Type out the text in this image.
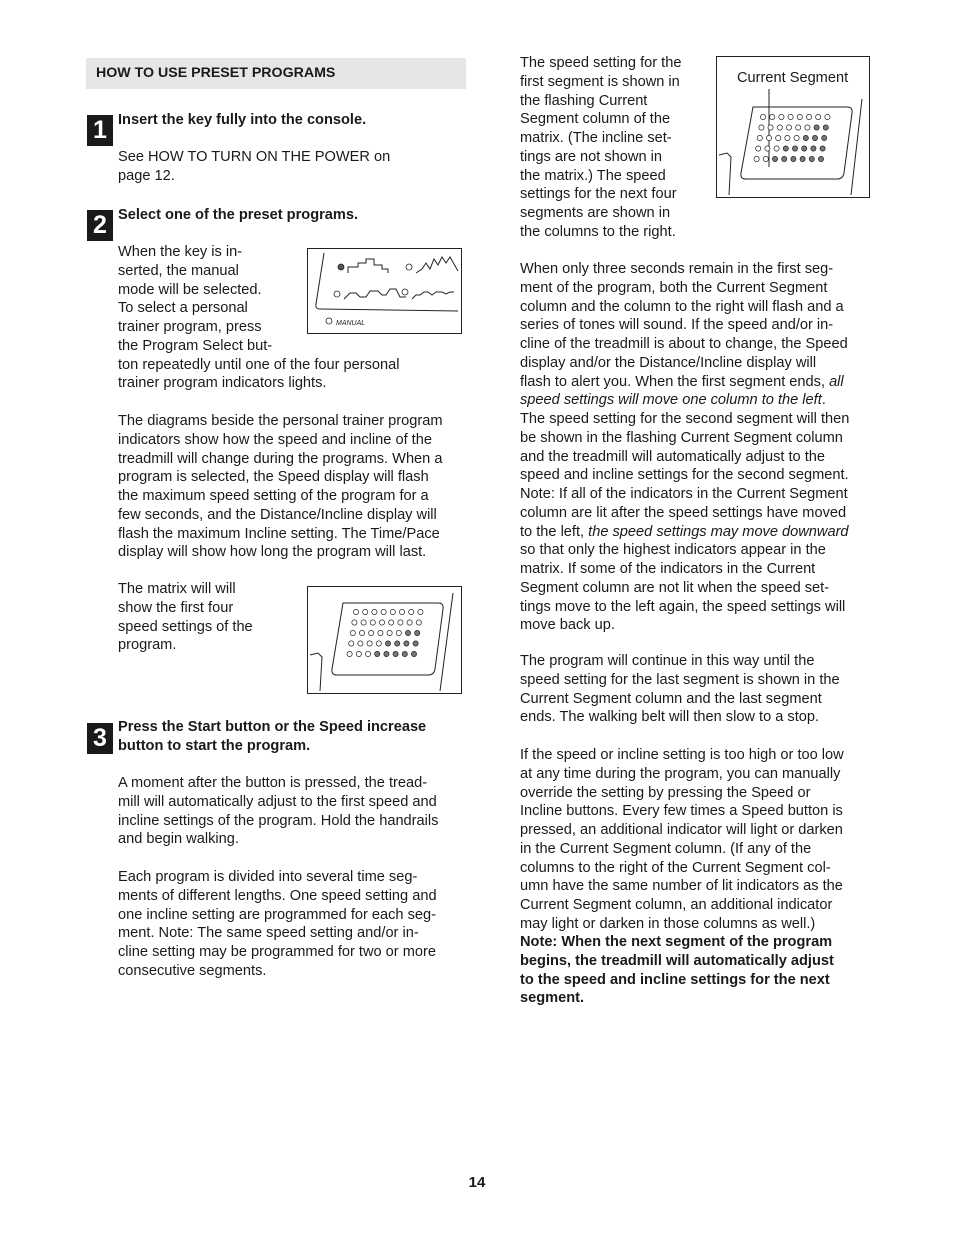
HOW TO USE PRESET PROGRAMS
1 Insert the key fully into the console.
See HOW TO TURN ON THE POWER on
page 12.
2 Select one of the preset programs.
When the key is in-
serted, the manual
mode will be selected.
To select a personal
trainer program, press
the Program Select but-
ton repeatedly until one of the four personal
trainer program indicators lights.
MANUAL
The diagrams beside the personal trainer program
indicators show how the speed and incline of the
treadmill will change during the programs. When a
program is selected, the Speed display will flash
the maximum speed setting of the program for a
few seconds, and the Distance/Incline display will
flash the maximum Incline setting. The Time/Pace
display will show how long the program will last.
The matrix will will
show the first four
speed settings of the
program.
3 Press the Start button or the Speed increase
button to start the program.
A moment after the button is pressed, the tread-
mill will automatically adjust to the first speed and
incline settings of the program. Hold the handrails
and begin walking.
Each program is divided into several time seg-
ments of different lengths. One speed setting and
one incline setting are programmed for each seg-
ment. Note: The same speed setting and/or in-
cline setting may be programmed for two or more
consecutive segments.
The speed setting for the
first segment is shown in
the flashing Current
Segment column of the
matrix. (The incline set-
tings are not shown in
the matrix.) The speed
settings for the next four
segments are shown in
the columns to the right.
Current Segment
When only three seconds remain in the first seg-
ment of the program, both the Current Segment
column and the column to the right will flash and a
series of tones will sound. If the speed and/or in-
cline of the treadmill is about to change, the Speed
display and/or the Distance/Incline display will
flash to alert you. When the first segment ends, all
speed settings will move one column to the left.
The speed setting for the second segment will then
be shown in the flashing Current Segment column
and the treadmill will automatically adjust to the
speed and incline settings for the second segment.
Note: If all of the indicators in the Current Segment
column are lit after the speed settings have moved
to the left, the speed settings may move downward
so that only the highest indicators appear in the
matrix. If some of the indicators in the Current
Segment column are not lit when the speed set-
tings move to the left again, the speed settings will
move back up.
The program will continue in this way until the
speed setting for the last segment is shown in the
Current Segment column and the last segment
ends. The walking belt will then slow to a stop.
If the speed or incline setting is too high or too low
at any time during the program, you can manually
override the setting by pressing the Speed or
Incline buttons. Every few times a Speed button is
pressed, an additional indicator will light or darken
in the Current Segment column. (If any of the
columns to the right of the Current Segment col-
umn have the same number of lit indicators as the
Current Segment column, an additional indicator
may light or darken in those columns as well.)
Note: When the next segment of the program
begins, the treadmill will automatically adjust
to the speed and incline settings for the next
segment.
14
